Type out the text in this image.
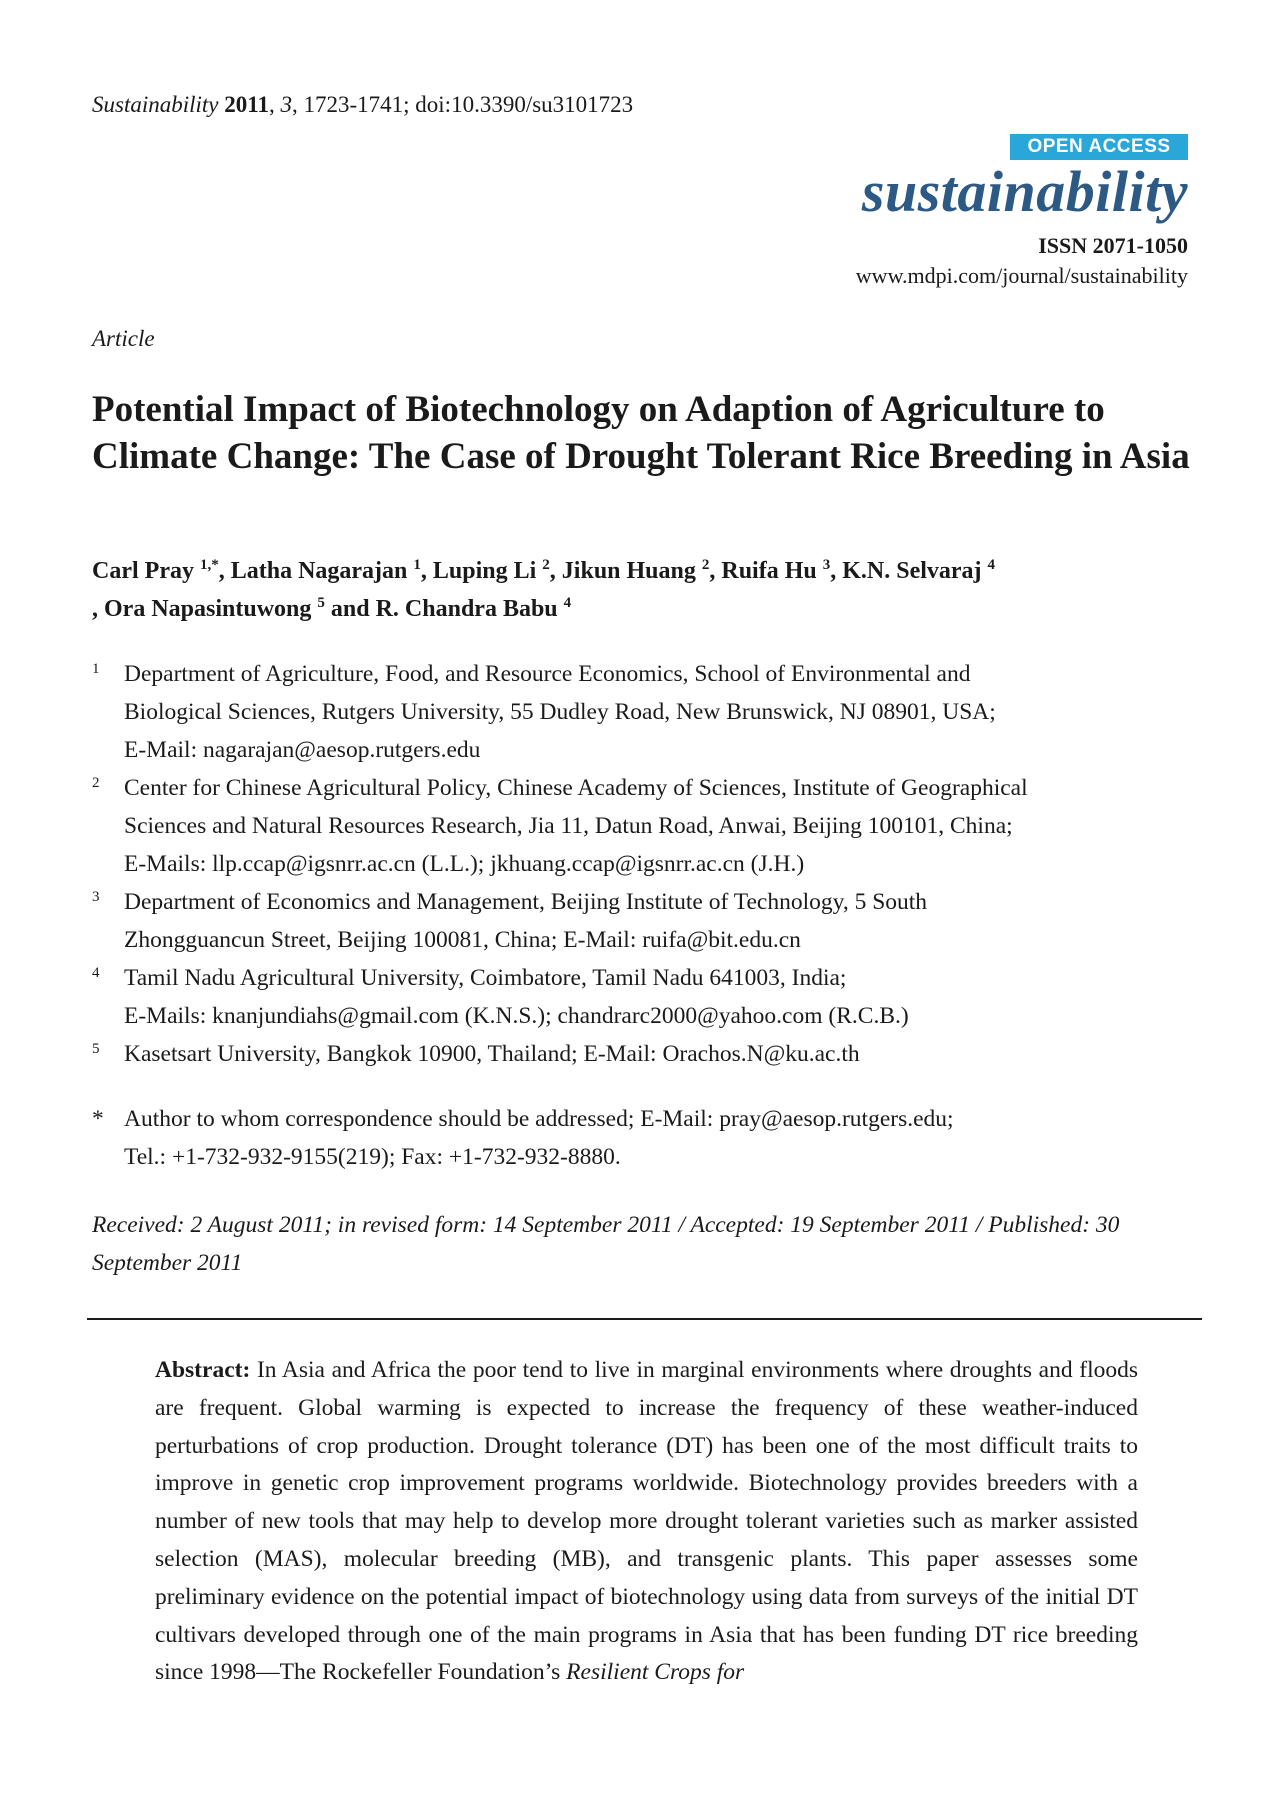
Sustainability 2011, 3, 1723-1741; doi:10.3390/su3101723
OPEN ACCESS
sustainability
ISSN 2071-1050
www.mdpi.com/journal/sustainability
Article
Potential Impact of Biotechnology on Adaption of Agriculture to Climate Change: The Case of Drought Tolerant Rice Breeding in Asia
Carl Pray $^{1,*}$, Latha Nagarajan $^1$, Luping Li $^2$, Jikun Huang $^2$, Ruifa Hu $^3$, K.N. Selvaraj $^4$
, Ora Napasintuwong $^5$ and R. Chandra Babu $^4$
1 Department of Agriculture, Food, and Resource Economics, School of Environmental and
Biological Sciences, Rutgers University, 55 Dudley Road, New Brunswick, NJ 08901, USA;
E-Mail: nagarajan@aesop.rutgers.edu
2 Center for Chinese Agricultural Policy, Chinese Academy of Sciences, Institute of Geographical
Sciences and Natural Resources Research, Jia 11, Datun Road, Anwai, Beijing 100101, China;
E-Mails: llp.ccap@igsnrr.ac.cn (L.L.); jkhuang.ccap@igsnrr.ac.cn (J.H.)
3 Department of Economics and Management, Beijing Institute of Technology, 5 South
Zhongguancun Street, Beijing 100081, China; E-Mail: ruifa@bit.edu.cn
4 Tamil Nadu Agricultural University, Coimbatore, Tamil Nadu 641003, India;
E-Mails: knanjundiahs@gmail.com (K.N.S.); chandrarc2000@yahoo.com (R.C.B.)
5 Kasetsart University, Bangkok 10900, Thailand; E-Mail: Orachos.N@ku.ac.th
* Author to whom correspondence should be addressed; E-Mail: pray@aesop.rutgers.edu;
Tel.: +1-732-932-9155(219); Fax: +1-732-932-8880.
Received: 2 August 2011; in revised form: 14 September 2011 / Accepted: 19 September 2011 / Published: 30 September 2011

Abstract: In Asia and Africa the poor tend to live in marginal environments where droughts and floods are frequent. Global warming is expected to increase the frequency of these weather-induced perturbations of crop production. Drought tolerance (DT) has been one of the most difficult traits to improve in genetic crop improvement programs worldwide. Biotechnology provides breeders with a number of new tools that may help to develop more drought tolerant varieties such as marker assisted selection (MAS), molecular breeding (MB), and transgenic plants. This paper assesses some preliminary evidence on the potential impact of biotechnology using data from surveys of the initial DT cultivars developed through one of the main programs in Asia that has been funding DT rice breeding since 1998—The Rockefeller Foundation’s Resilient Crops for
